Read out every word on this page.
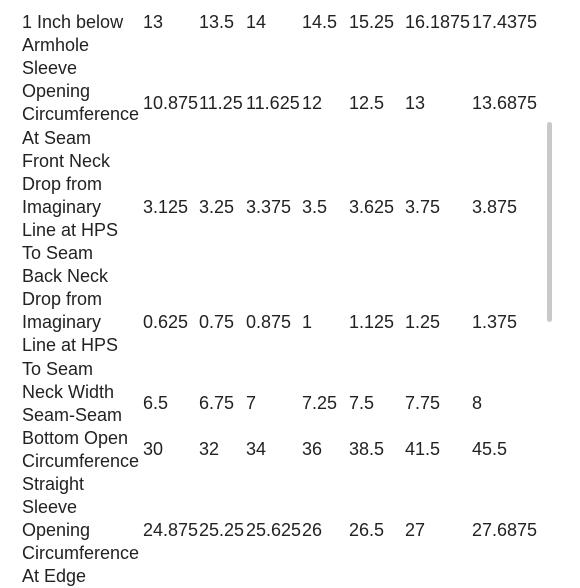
1 Inch below
Armhole	13	13.5	14	14.5	15.25	16.1875	17.4375

Sleeve
Opening
Circumference
At Seam	10.875	11.25	11.625	12	12.5	13	13.6875

Front Neck
Drop from
Imaginary
Line at HPS
To Seam	3.125	3.25	3.375	3.5	3.625	3.75	3.875

Back Neck
Drop from
Imaginary
Line at HPS
To Seam	0.625	0.75	0.875	1	1.125	1.25	1.375

Neck Width
Seam-Seam	6.5	6.75	7	7.25	7.5	7.75	8

Bottom Open
Circumference	30	32	34	36	38.5	41.5	45.5

Straight
Sleeve
Opening
Circumference
At Edge	24.875	25.25	25.625	26	26.5	27	27.6875
